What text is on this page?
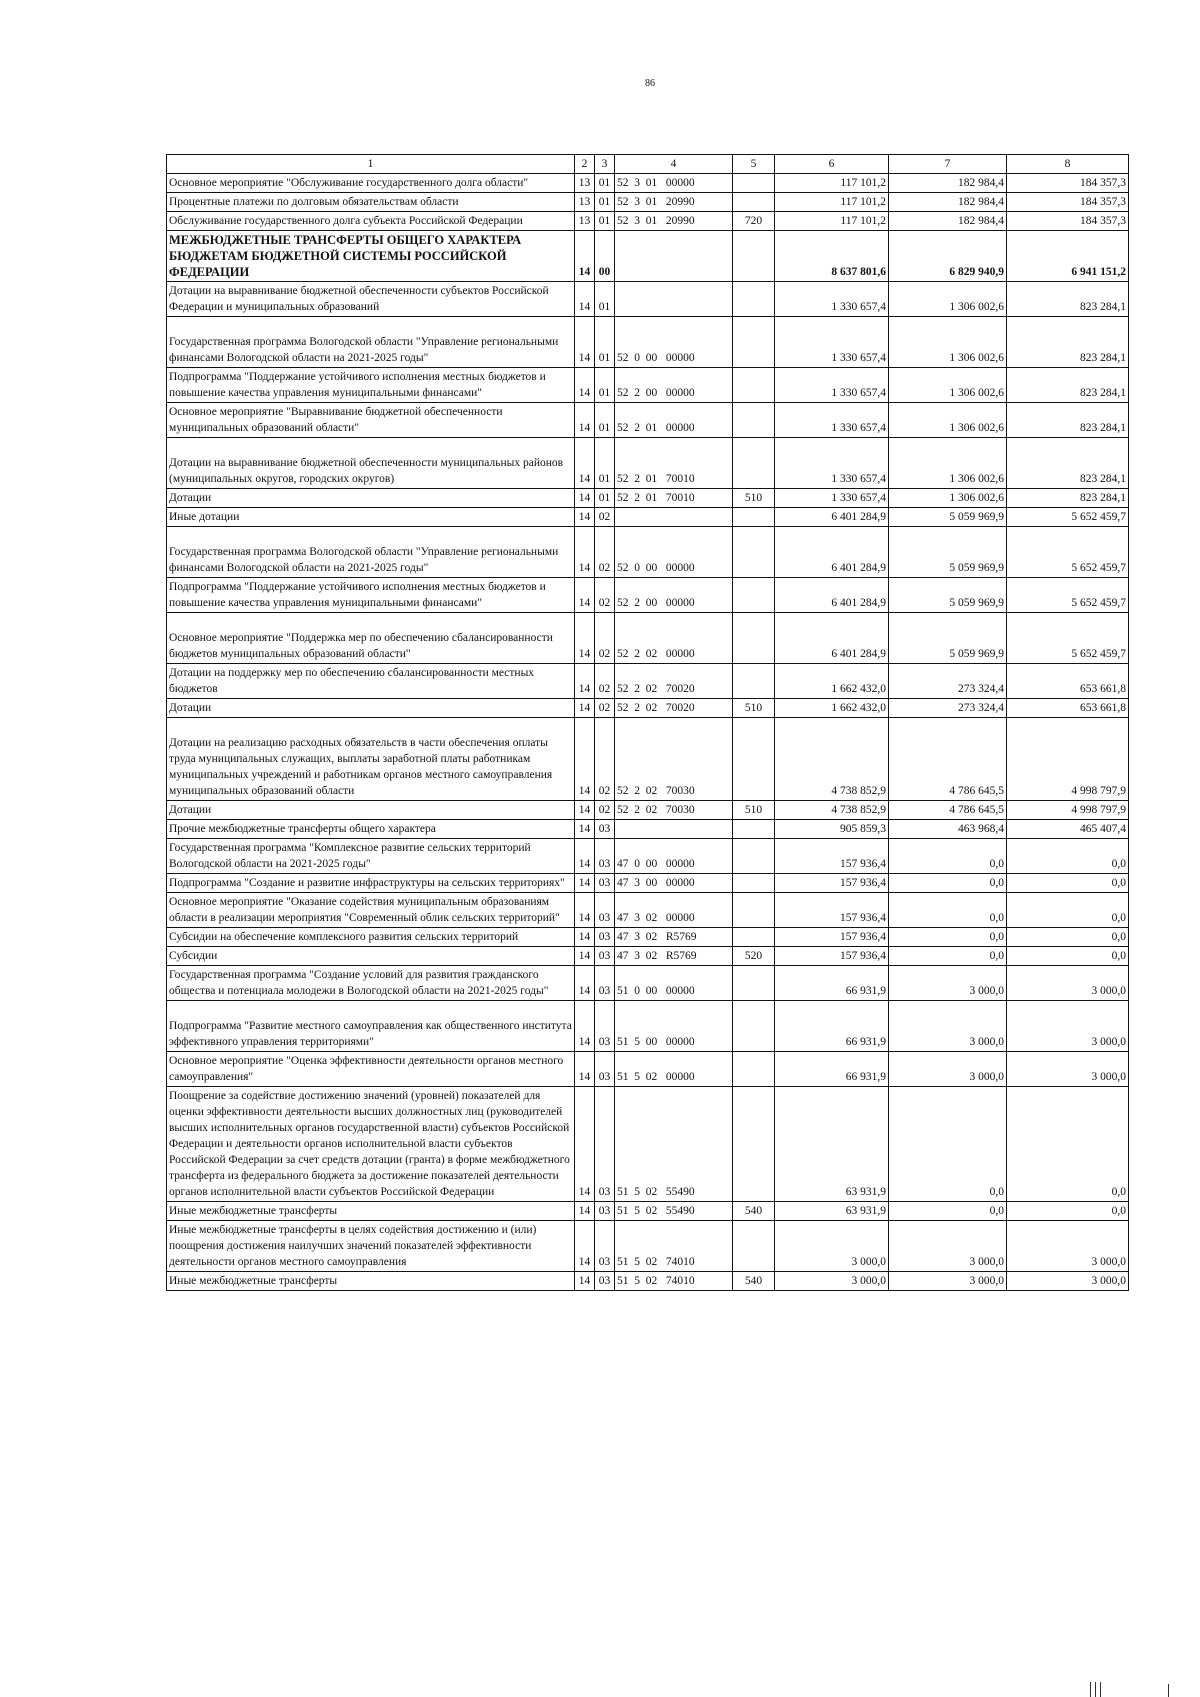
86
1	2	3	4	5	6	7	8
Основное мероприятие "Обслуживание государственного долга области"	13	01	52  3  01   00000		117 101,2	182 984,4	184 357,3
Процентные платежи по долговым обязательствам области	13	01	52  3  01   20990		117 101,2	182 984,4	184 357,3
Обслуживание государственного долга субъекта Российской Федерации	13	01	52  3  01   20990	720	117 101,2	182 984,4	184 357,3
МЕЖБЮДЖЕТНЫЕ ТРАНСФЕРТЫ ОБЩЕГО ХАРАКТЕРА БЮДЖЕТАМ БЮДЖЕТНОЙ СИСТЕМЫ РОССИЙСКОЙ ФЕДЕРАЦИИ	14	00			8 637 801,6	6 829 940,9	6 941 151,2
Дотации на выравнивание бюджетной обеспеченности субъектов Российской Федерации и муниципальных образований	14	01			1 330 657,4	1 306 002,6	823 284,1
Государственная программа Вологодской области "Управление региональными финансами Вологодской области на 2021-2025 годы"	14	01	52  0  00   00000		1 330 657,4	1 306 002,6	823 284,1
Подпрограмма "Поддержание устойчивого исполнения местных бюджетов и повышение качества управления муниципальными финансами"	14	01	52  2  00   00000		1 330 657,4	1 306 002,6	823 284,1
Основное мероприятие "Выравнивание бюджетной обеспеченности муниципальных образований области"	14	01	52  2  01   00000		1 330 657,4	1 306 002,6	823 284,1
Дотации на выравнивание бюджетной обеспеченности муниципальных районов (муниципальных округов, городских округов)	14	01	52  2  01   70010		1 330 657,4	1 306 002,6	823 284,1
Дотации	14	01	52  2  01   70010	510	1 330 657,4	1 306 002,6	823 284,1
Иные дотации	14	02			6 401 284,9	5 059 969,9	5 652 459,7
Государственная программа Вологодской области "Управление региональными финансами Вологодской области на 2021-2025 годы"	14	02	52  0  00   00000		6 401 284,9	5 059 969,9	5 652 459,7
Подпрограмма "Поддержание устойчивого исполнения местных бюджетов и повышение качества управления муниципальными финансами"	14	02	52  2  00   00000		6 401 284,9	5 059 969,9	5 652 459,7
Основное мероприятие "Поддержка мер по обеспечению сбалансированности бюджетов муниципальных образований области"	14	02	52  2  02   00000		6 401 284,9	5 059 969,9	5 652 459,7
Дотации на поддержку мер по обеспечению сбалансированности местных бюджетов	14	02	52  2  02   70020		1 662 432,0	273 324,4	653 661,8
Дотации	14	02	52  2  02   70020	510	1 662 432,0	273 324,4	653 661,8
Дотации на реализацию расходных обязательств в части обеспечения оплаты труда муниципальных служащих, выплаты заработной платы работникам муниципальных учреждений и работникам органов местного самоуправления муниципальных образований области	14	02	52  2  02   70030		4 738 852,9	4 786 645,5	4 998 797,9
Дотации	14	02	52  2  02   70030	510	4 738 852,9	4 786 645,5	4 998 797,9
Прочие межбюджетные трансферты общего характера	14	03			905 859,3	463 968,4	465 407,4
Государственная программа "Комплексное развитие сельских территорий Вологодской области на 2021-2025 годы"	14	03	47  0  00   00000		157 936,4	0,0	0,0
Подпрограмма "Создание и развитие инфраструктуры на сельских территориях"	14	03	47  3  00   00000		157 936,4	0,0	0,0
Основное мероприятие "Оказание содействия муниципальным образованиям области в реализации мероприятия "Современный облик сельских территорий"	14	03	47  3  02   00000		157 936,4	0,0	0,0
Субсидии на обеспечение комплексного развития сельских территорий	14	03	47  3  02   R5769		157 936,4	0,0	0,0
Субсидии	14	03	47  3  02   R5769	520	157 936,4	0,0	0,0
Государственная программа "Создание условий для развития гражданского общества и потенциала молодежи в Вологодской области на 2021-2025 годы"	14	03	51  0  00   00000		66 931,9	3 000,0	3 000,0
Подпрограмма "Развитие местного самоуправления как общественного института эффективного управления территориями"	14	03	51  5  00   00000		66 931,9	3 000,0	3 000,0
Основное мероприятие "Оценка эффективности деятельности органов местного самоуправления"	14	03	51  5  02   00000		66 931,9	3 000,0	3 000,0
Поощрение за содействие достижению значений (уровней) показателей для оценки эффективности деятельности высших должностных лиц (руководителей высших исполнительных органов государственной власти) субъектов Российской Федерации и деятельности органов исполнительной власти субъектов Российской Федерации за счет средств дотации (гранта) в форме межбюджетного трансферта из федерального бюджета за достижение показателей деятельности органов исполнительной власти субъектов Российской Федерации	14	03	51  5  02   55490		63 931,9	0,0	0,0
Иные межбюджетные трансферты	14	03	51  5  02   55490	540	63 931,9	0,0	0,0
Иные межбюджетные трансферты в целях содействия достижению и (или) поощрения достижения наилучших значений показателей эффективности деятельности органов местного самоуправления	14	03	51  5  02   74010		3 000,0	3 000,0	3 000,0
Иные межбюджетные трансферты	14	03	51  5  02   74010	540	3 000,0	3 000,0	3 000,0
